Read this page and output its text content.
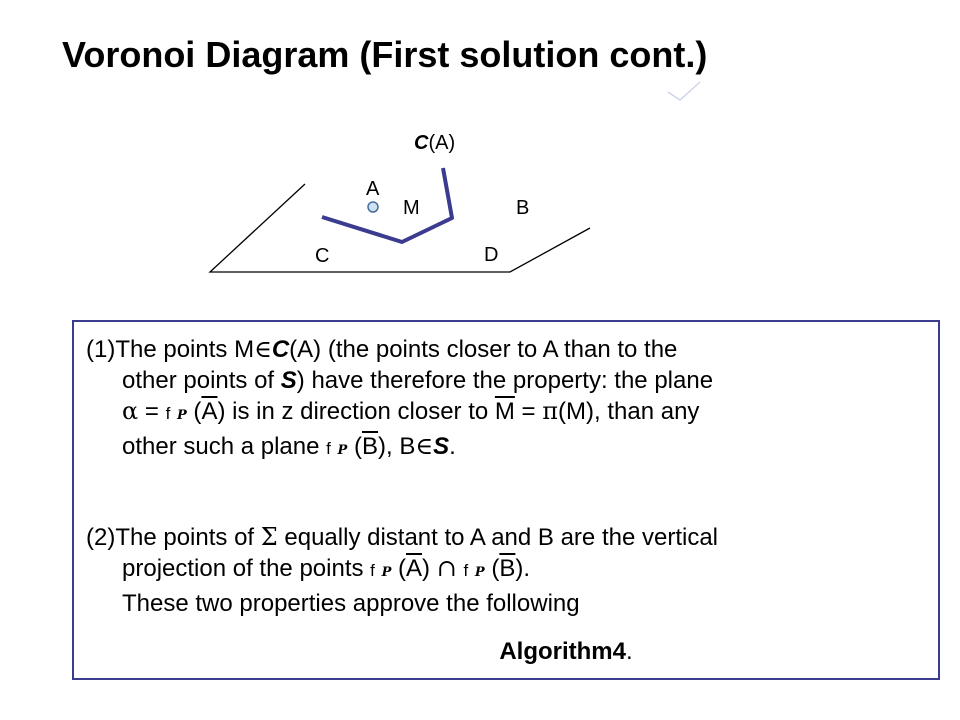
Voronoi Diagram (First solution cont.)
C(A)
A
M	B
C	D
(1)The points M∈C(A) (the points closer to A than to the
other points of S) have therefore the property: the plane
α = f P $(\overline{A})$ is in z direction closer to $\overline{M} = \pi(M)$, than any
other such a plane f P $(\overline{B})$, B∈S.
(2)The points of Σ equally distant to A and B are the vertical
projection of the points f P $(\overline{A})$ ∩ f P $(\overline{B})$.
These two properties approve the following
Algorithm4.
